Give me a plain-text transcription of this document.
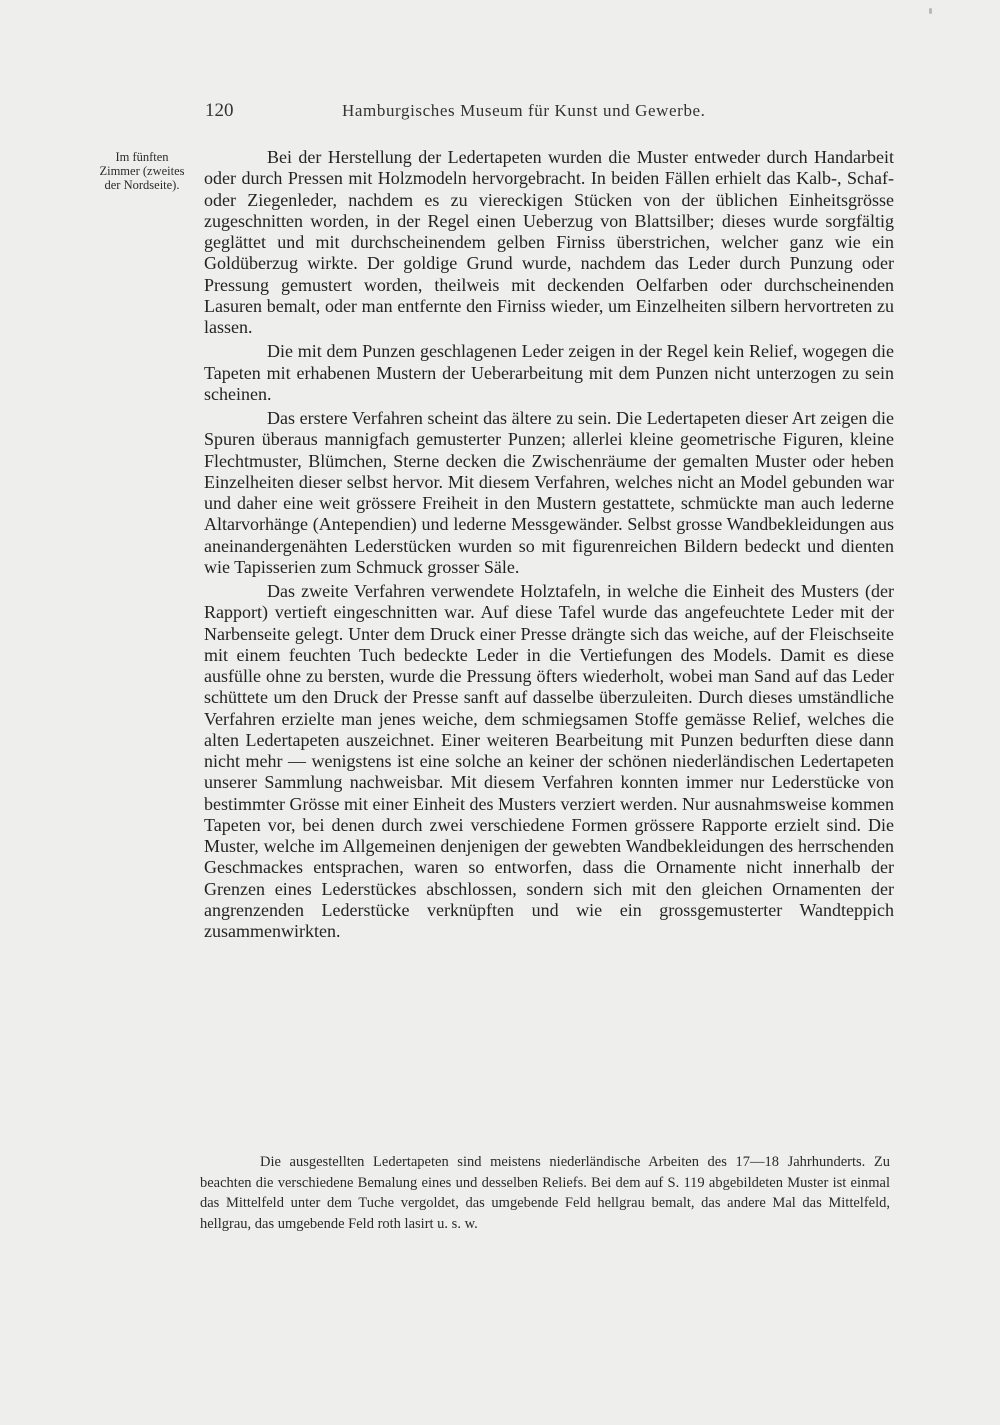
120	Hamburgisches Museum für Kunst und Gewerbe.
Im fünften
Zimmer (zweites
der Nordseite).

Bei der Herstellung der Ledertapeten wurden die Muster entweder durch Handarbeit oder durch Pressen mit Holzmodeln hervorgebracht. In beiden Fällen erhielt das Kalb-, Schaf- oder Ziegenleder, nachdem es zu viereckigen Stücken von der üblichen Einheitsgrösse zugeschnitten worden, in der Regel einen Ueberzug von Blattsilber; dieses wurde sorgfältig geglättet und mit durchscheinendem gelben Firniss überstrichen, welcher ganz wie ein Goldüberzug wirkte. Der goldige Grund wurde, nachdem das Leder durch Punzung oder Pressung gemustert worden, theilweis mit deckenden Oelfarben oder durchscheinenden Lasuren bemalt, oder man entfernte den Firniss wieder, um Einzelheiten silbern hervortreten zu lassen.

Die mit dem Punzen geschlagenen Leder zeigen in der Regel kein Relief, wogegen die Tapeten mit erhabenen Mustern der Ueberarbeitung mit dem Punzen nicht unterzogen zu sein scheinen.

Das erstere Verfahren scheint das ältere zu sein. Die Ledertapeten dieser Art zeigen die Spuren überaus mannigfach gemusterter Punzen; allerlei kleine geometrische Figuren, kleine Flechtmuster, Blümchen, Sterne decken die Zwischenräume der gemalten Muster oder heben Einzelheiten dieser selbst hervor. Mit diesem Verfahren, welches nicht an Model gebunden war und daher eine weit grössere Freiheit in den Mustern gestattete, schmückte man auch lederne Altarvorhänge (Antependien) und lederne Messgewänder. Selbst grosse Wandbekleidungen aus aneinandergenähten Lederstücken wurden so mit figurenreichen Bildern bedeckt und dienten wie Tapisserien zum Schmuck grosser Säle.

Das zweite Verfahren verwendete Holztafeln, in welche die Einheit des Musters (der Rapport) vertieft eingeschnitten war. Auf diese Tafel wurde das angefeuchtete Leder mit der Narbenseite gelegt. Unter dem Druck einer Presse drängte sich das weiche, auf der Fleischseite mit einem feuchten Tuch bedeckte Leder in die Vertiefungen des Models. Damit es diese ausfülle ohne zu bersten, wurde die Pressung öfters wiederholt, wobei man Sand auf das Leder schüttete um den Druck der Presse sanft auf dasselbe überzuleiten. Durch dieses umständliche Verfahren erzielte man jenes weiche, dem schmiegsamen Stoffe gemässe Relief, welches die alten Ledertapeten auszeichnet. Einer weiteren Bearbeitung mit Punzen bedurften diese dann nicht mehr — wenigstens ist eine solche an keiner der schönen niederländischen Ledertapeten unserer Sammlung nachweisbar. Mit diesem Verfahren konnten immer nur Lederstücke von bestimmter Grösse mit einer Einheit des Musters verziert werden. Nur ausnahmsweise kommen Tapeten vor, bei denen durch zwei verschiedene Formen grössere Rapporte erzielt sind. Die Muster, welche im Allgemeinen denjenigen der gewebten Wandbekleidungen des herrschenden Geschmackes entsprachen, waren so entworfen, dass die Ornamente nicht innerhalb der Grenzen eines Lederstückes abschlossen, sondern sich mit den gleichen Ornamenten der angrenzenden Lederstücke verknüpften und wie ein grossgemusterter Wandteppich zusammenwirkten.

Die ausgestellten Ledertapeten sind meistens niederländische Arbeiten des 17—18 Jahrhunderts. Zu beachten die verschiedene Bemalung eines und desselben Reliefs. Bei dem auf S. 119 abgebildeten Muster ist einmal das Mittelfeld unter dem Tuche vergoldet, das umgebende Feld hellgrau bemalt, das andere Mal das Mittelfeld, hellgrau, das umgebende Feld roth lasirt u. s. w.
